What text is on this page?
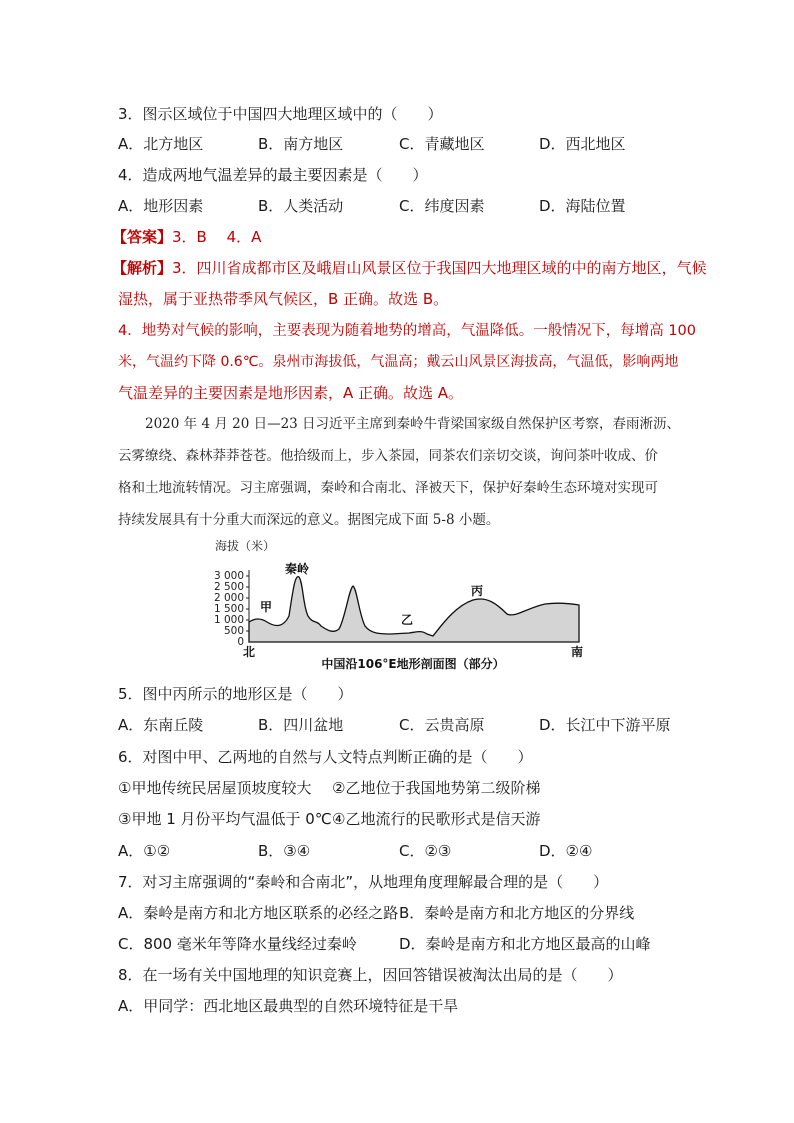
3．图示区域位于中国四大地理区域中的（　　）
A．北方地区	B．南方地区	C．青藏地区	D．西北地区
4．造成两地气温差异的最主要因素是（　　）
A．地形因素	B．人类活动	C．纬度因素	D．海陆位置
【答案】3．B　 4．A
【解析】3．四川省成都市区及峨眉山风景区位于我国四大地理区域的中的南方地区，气候
湿热，属于亚热带季风气候区，B 正确。故选 B。
4．地势对气候的影响，主要表现为随着地势的增高，气温降低。一般情况下，每增高 100
米，气温约下降 0.6℃。泉州市海拔低，气温高；戴云山风景区海拔高，气温低，影响两地
气温差异的主要因素是地形因素，A 正确。故选 A。
2020 年 4 月 20 日—23 日习近平主席到秦岭牛背梁国家级自然保护区考察，春雨淅沥、
云雾缭绕、森林莽莽苍苍。他拾级而上，步入茶园，同茶农们亲切交谈，询问茶叶收成、价
格和土地流转情况。习主席强调，秦岭和合南北、泽被天下，保护好秦岭生态环境对实现可
持续发展具有十分重大而深远的意义。据图完成下面 5-8 小题。
海拔（米）
3 000
2 500
2 000
1 500
1 000
500
0
甲
秦岭
乙
丙
北	南
中国沿106°E地形剖面图（部分）
5．图中丙所示的地形区是（　　）
A．东南丘陵	B．四川盆地	C．云贵高原	D．长江中下游平原
6．对图中甲、乙两地的自然与人文特点判断正确的是（　　）
①甲地传统民居屋顶坡度较大 ②乙地位于我国地势第二级阶梯
③甲地 1 月份平均气温低于 0℃ ④乙地流行的民歌形式是信天游
A．①②	B．③④	C．②③	D．②④
7．对习主席强调的“秦岭和合南北”，从地理角度理解最合理的是（　　）
A．秦岭是南方和北方地区联系的必经之路 B．秦岭是南方和北方地区的分界线
C．800 毫米年等降水量线经过秦岭	D．秦岭是南方和北方地区最高的山峰
8．在一场有关中国地理的知识竞赛上，因回答错误被淘汰出局的是（　　）
A．甲同学：西北地区最典型的自然环境特征是干旱
